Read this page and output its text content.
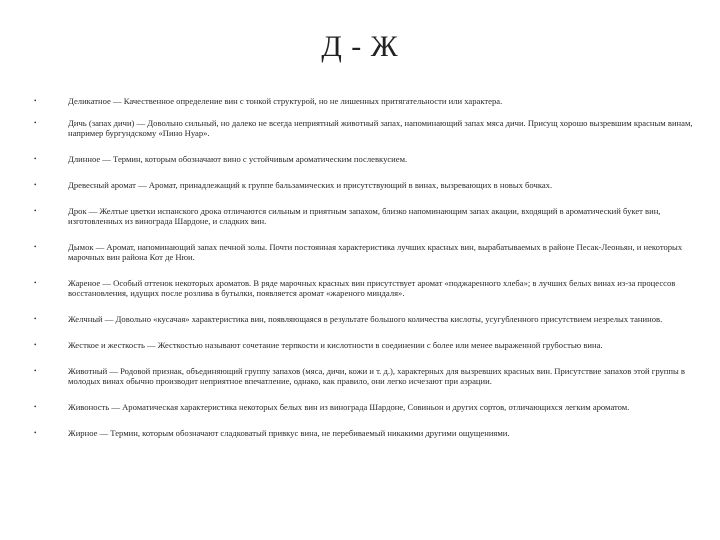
Д - Ж
•	Деликатное — Качественное определение вин с тонкой структурой, но не лишенных притягательности или характера.
•	Дичь (запах дичи) — Довольно сильный, но далеко не всегда неприятный животный запах, напоминающий запах мяса дичи. Присущ хорошо вызревшим красным винам, например бургундскому «Пино Нуар».
•	Длинное — Термин, которым обозначают вино с устойчивым ароматическим послевкусием.
•	Древесный аромат — Аромат, принадлежащий к группе бальзамических и присутствующий в винах, вызревающих в новых бочках.
•	Дрок — Желтые цветки испанского дрока отличаются сильным и приятным запахом, близко напоминающим запах акации, входящий в ароматический букет вин, изготовленных из винограда Шардоне, и сладких вин.
•	Дымок — Аромат, напоминающий запах печной золы. Почти постоянная характеристика лучших красных вин, вырабатываемых в районе Песак-Леоньян, и некоторых марочных вин района Кот де Нюи.
•	Жареное — Особый оттенок некоторых ароматов. В ряде марочных красных вин присутствует аромат «поджаренного хлеба»; в лучших белых винах из-за процессов восстановления, идущих после розлива в бутылки, появляется аромат «жареного миндаля».
•	Желчный — Довольно «кусачая» характеристика вин, появляющаяся в результате большого количества кислоты, усугубленного присутствием незрелых танинов.
•	Жесткое и жесткость — Жесткостью называют сочетание терпкости и кислотности в соединении с более или менее выраженной грубостью вина.
•	Животный — Родовой признак, объединяющий группу запахов (мяса, дичи, кожи и т. д.), характерных для вызревших красных вин. Присутствие запахов этой группы в молодых винах обычно производит неприятное впечатление, однако, как правило, они легко исчезают при аэрации.
•	Живоность — Ароматическая характеристика некоторых белых вин из винограда Шардоне, Совиньон и других сортов, отличающихся легким ароматом.
•	Жирное — Термин, которым обозначают сладковатый привкус вина, не перебиваемый никакими другими ощущениями.
